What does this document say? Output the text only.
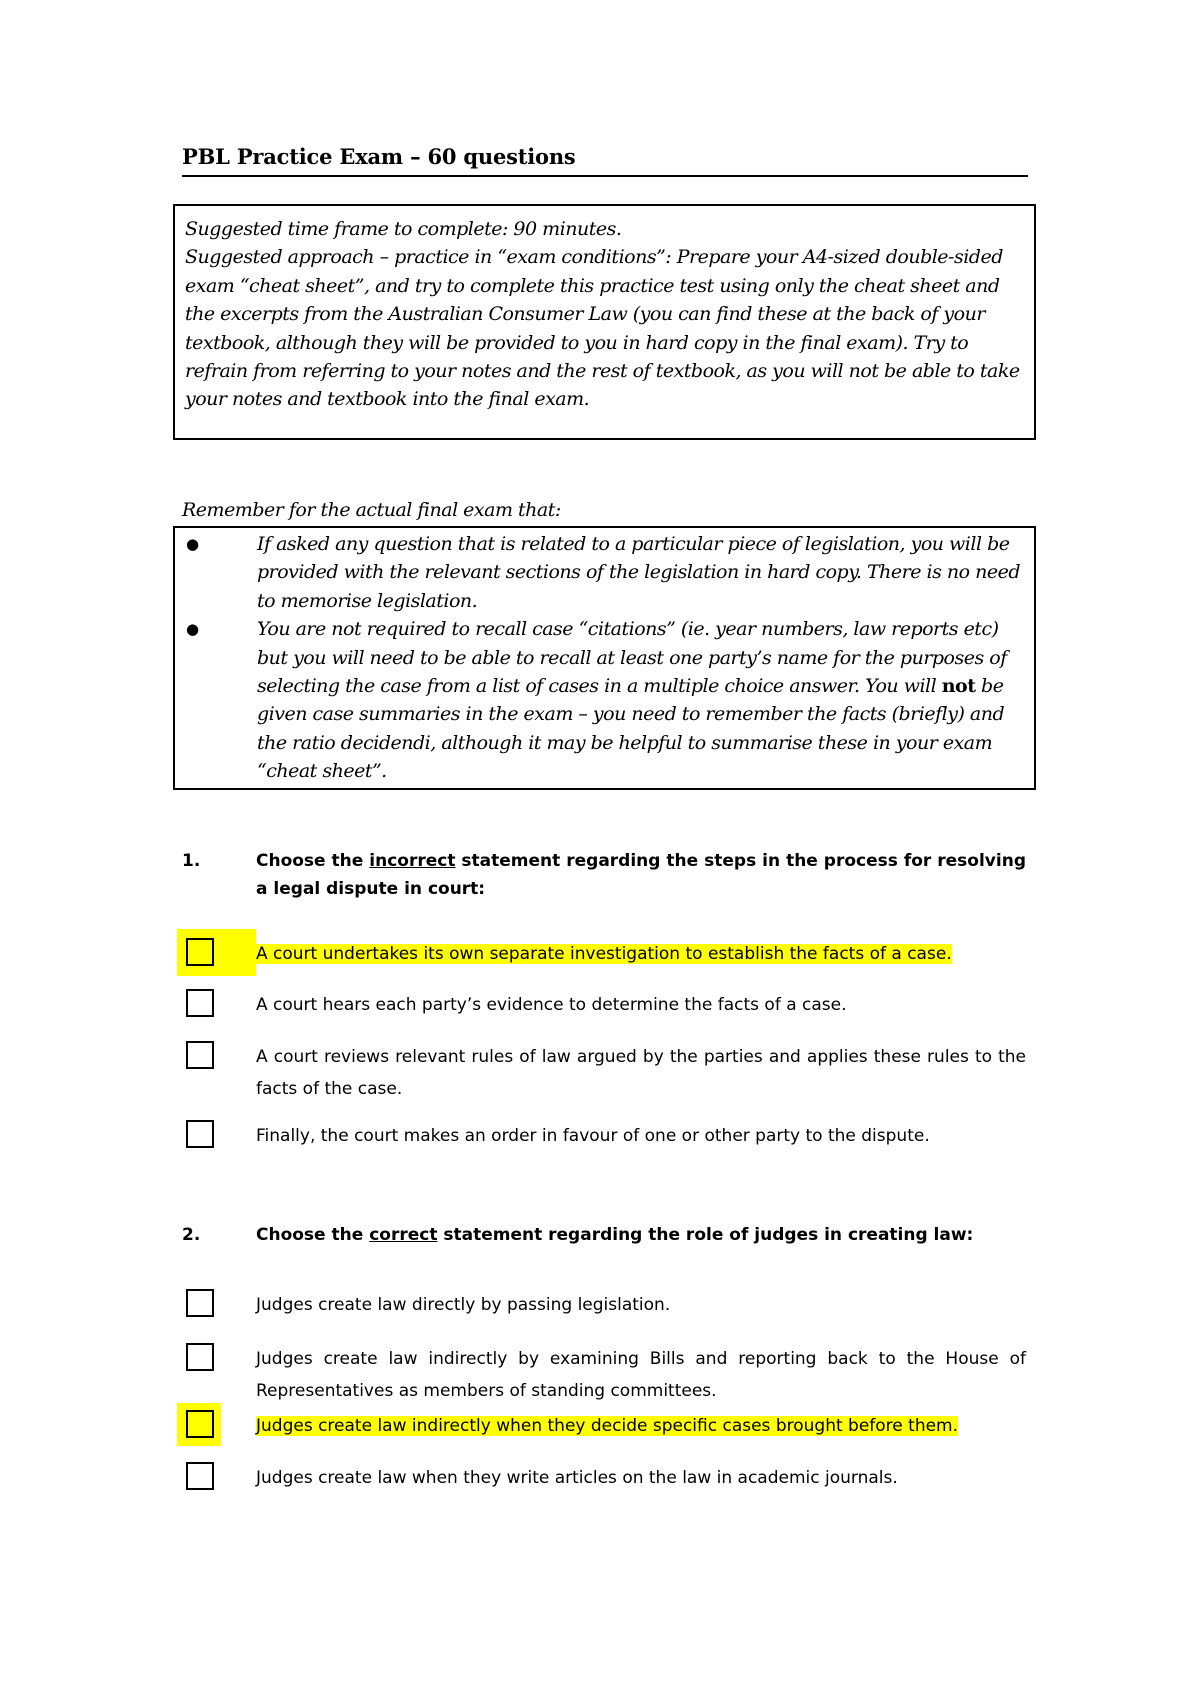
PBL Practice Exam – 60 questions

Suggested time frame to complete: 90 minutes.

Suggested approach – practice in “exam conditions”: Prepare your A4-sized double-sided exam “cheat sheet”, and try to complete this practice test using only the cheat sheet and the excerpts from the Australian Consumer Law (you can find these at the back of your textbook, although they will be provided to you in hard copy in the final exam). Try to refrain from referring to your notes and the rest of textbook, as you will not be able to take your notes and textbook into the final exam.

Remember for the actual final exam that:
●	If asked any question that is related to a particular piece of legislation, you will be provided with the relevant sections of the legislation in hard copy. There is no need to memorise legislation.
●	You are not required to recall case “citations” (ie. year numbers, law reports etc) but you will need to be able to recall at least one party’s name for the purposes of selecting the case from a list of cases in a multiple choice answer. You will not be given case summaries in the exam – you need to remember the facts (briefly) and the ratio decidendi, although it may be helpful to summarise these in your exam “cheat sheet”.
1.	Choose the incorrect statement regarding the steps in the process for resolving a legal dispute in court:
A court undertakes its own separate investigation to establish the facts of a case.
A court hears each party’s evidence to determine the facts of a case.
A court reviews relevant rules of law argued by the parties and applies these rules to the facts of the case.
Finally, the court makes an order in favour of one or other party to the dispute.
2.	Choose the correct statement regarding the role of judges in creating law:
Judges create law directly by passing legislation.
Judges create law indirectly by examining Bills and reporting back to the House of Representatives as members of standing committees.
Judges create law indirectly when they decide specific cases brought before them.
Judges create law when they write articles on the law in academic journals.
